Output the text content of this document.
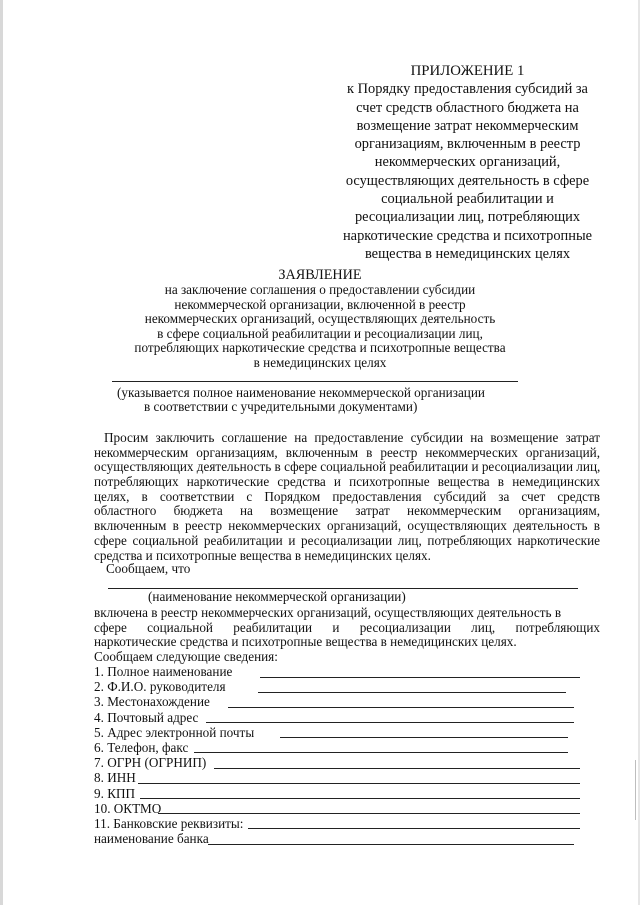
ПРИЛОЖЕНИЕ 1
к Порядку предоставления субсидий за
счет средств областного бюджета на
возмещение затрат некоммерческим
организациям, включенным в реестр
некоммерческих организаций,
осуществляющих деятельность в сфере
социальной реабилитации и
ресоциализации лиц, потребляющих
наркотические средства и психотропные
вещества в немедицинских целях
ЗАЯВЛЕНИЕ
на заключение соглашения о предоставлении субсидии
некоммерческой организации, включенной в реестр
некоммерческих организаций, осуществляющих деятельность
в сфере социальной реабилитации и ресоциализации лиц,
потребляющих наркотические средства и психотропные вещества
в немедицинских целях
(указывается полное наименование некоммерческой организации
в соответствии с учредительными документами)
Просим заключить соглашение на предоставление субсидии на возмещение затрат
некоммерческим организациям, включенным в реестр некоммерческих организаций,
осуществляющих деятельность в сфере социальной реабилитации и ресоциализации лиц,
потребляющих наркотические средства и психотропные вещества в немедицинских
целях, в соответствии с Порядком предоставления субсидий за счет средств
областного бюджета на возмещение затрат некоммерческим организациям,
включенным в реестр некоммерческих организаций, осуществляющих деятельность в
сфере социальной реабилитации и ресоциализации лиц, потребляющих наркотические
средства и психотропные вещества в немедицинских целях.
Сообщаем, что
(наименование некоммерческой организации)
включена в реестр некоммерческих организаций, осуществляющих деятельность в
сфере социальной реабилитации и ресоциализации лиц, потребляющих
наркотические средства и психотропные вещества в немедицинских целях.
Сообщаем следующие сведения:
1. Полное наименование
2. Ф.И.О. руководителя
3. Местонахождение
4. Почтовый адрес
5. Адрес электронной почты
6. Телефон, факс
7. ОГРН (ОГРНИП)
8. ИНН
9. КПП
10. ОКТМО
11. Банковские реквизиты:
наименование банка
